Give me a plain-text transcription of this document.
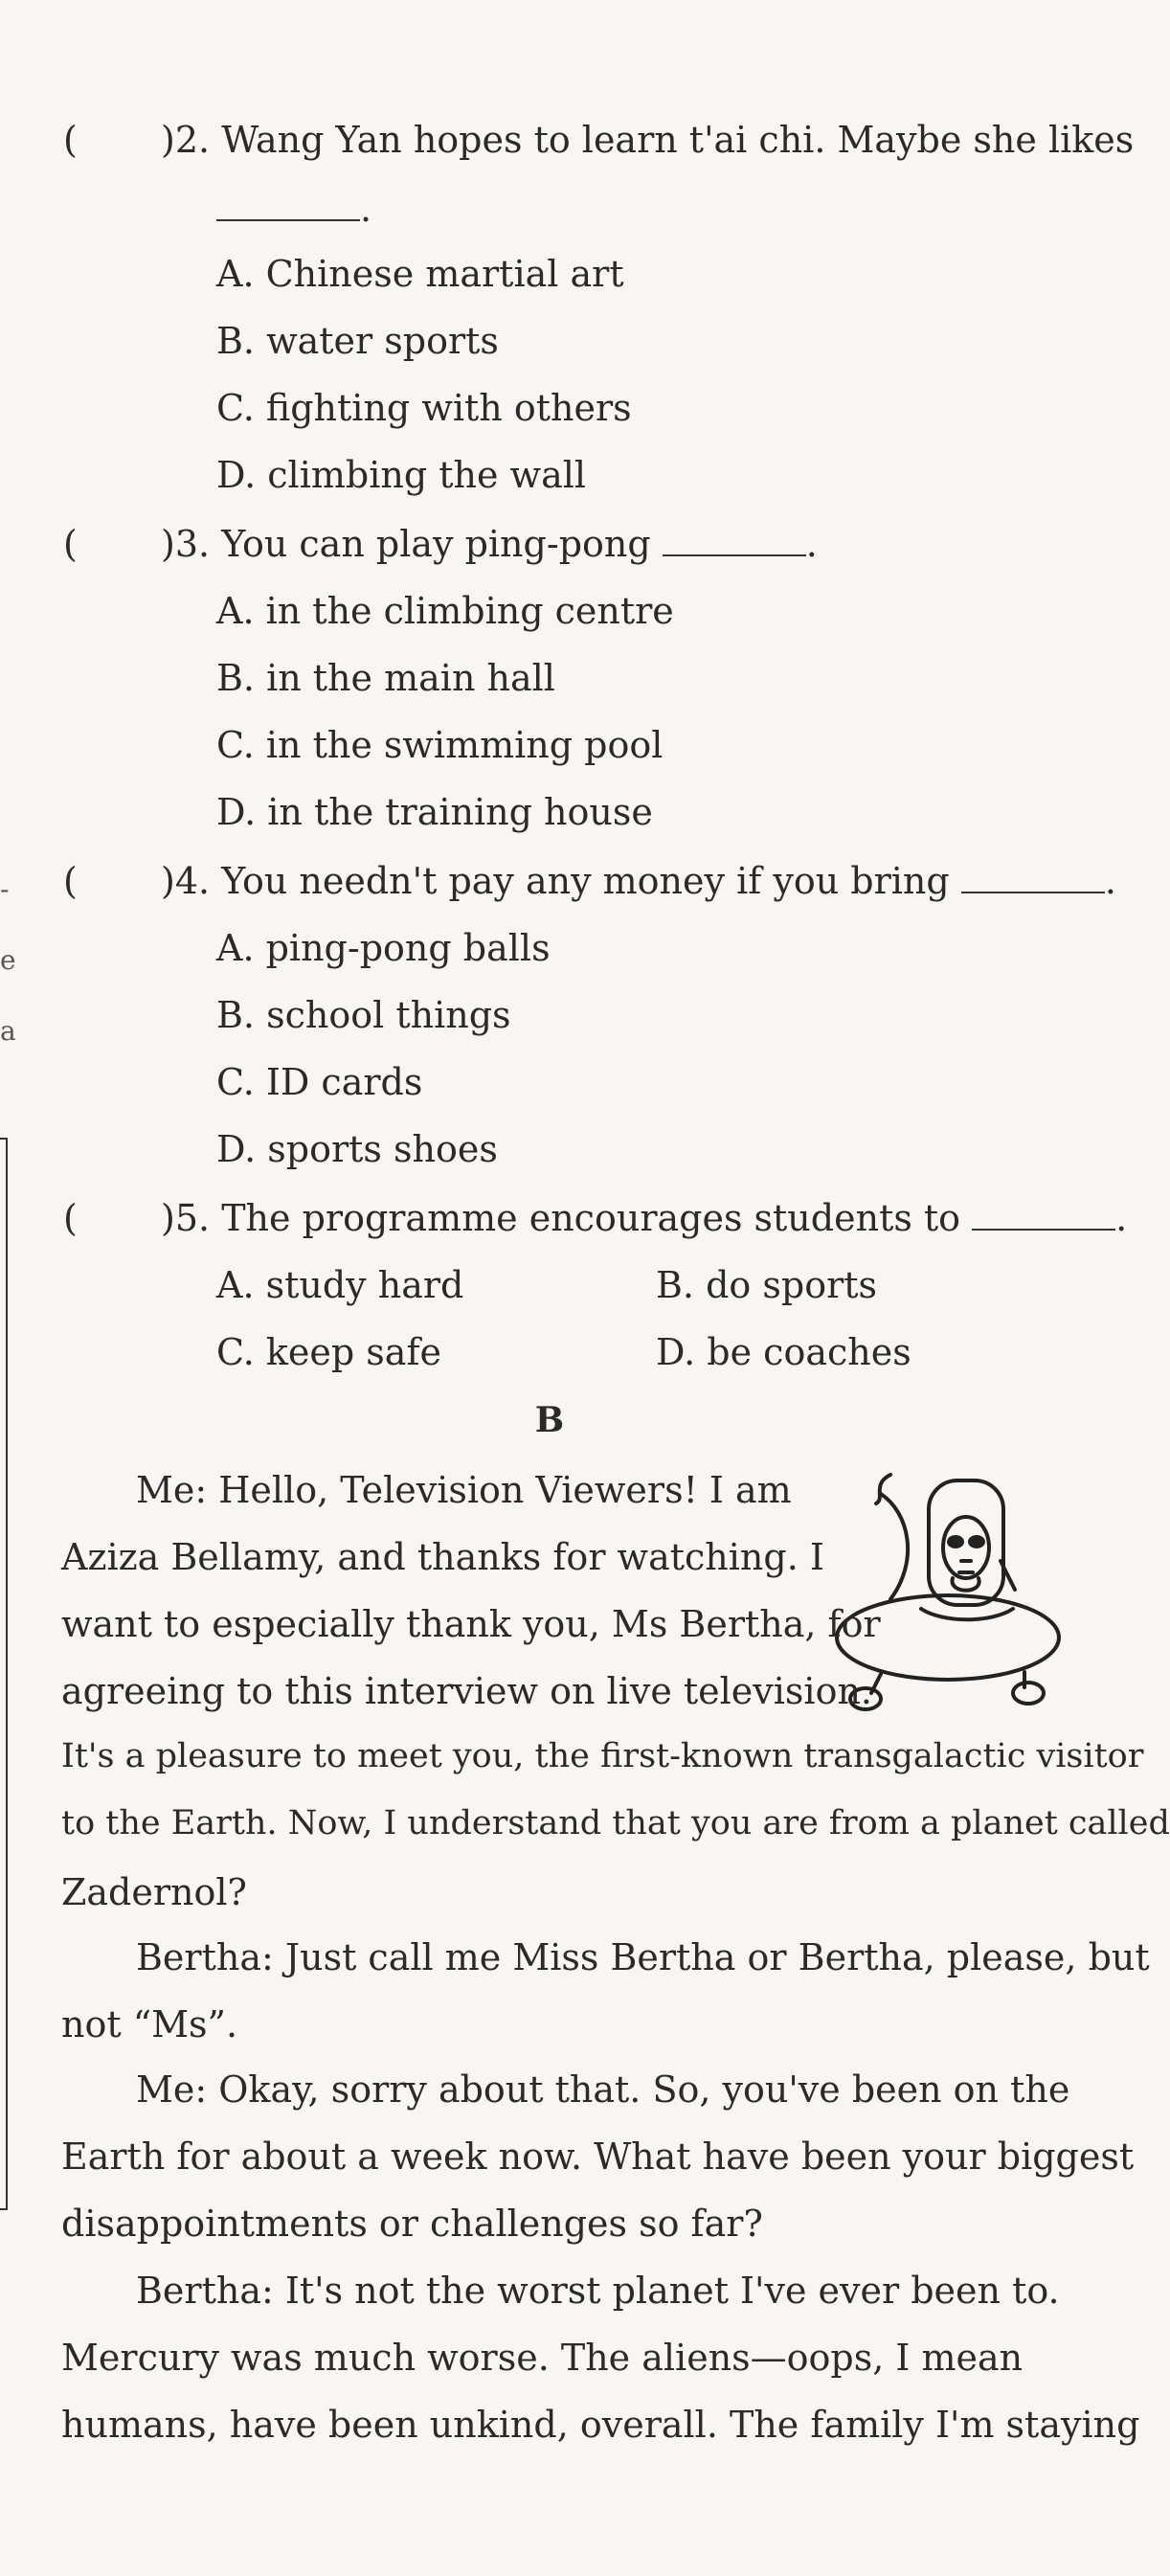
-
e
a
( )2. Wang Yan hopes to learn t'ai chi. Maybe she likes
.
A. Chinese martial art
B. water sports
C. fighting with others
D. climbing the wall
( )3. You can play ping-pong	.
A. in the climbing centre
B. in the main hall
C. in the swimming pool
D. in the training house
( )4. You needn't pay any money if you bring	.
A. ping-pong balls
B. school things
C. ID cards
D. sports shoes
( )5. The programme encourages students to	.
A. study hard	B. do sports
C. keep safe	D. be coaches
B
Me: Hello, Television Viewers! I am
Aziza Bellamy, and thanks for watching. I
want to especially thank you, Ms Bertha, for
agreeing to this interview on live television.
It's a pleasure to meet you, the first-known transgalactic visitor
to the Earth. Now, I understand that you are from a planet called
Zadernol?
Bertha: Just call me Miss Bertha or Bertha, please, but
not “Ms”.
Me: Okay, sorry about that. So, you've been on the
Earth for about a week now. What have been your biggest
disappointments or challenges so far?
Bertha: It's not the worst planet I've ever been to.
Mercury was much worse. The aliens—oops, I mean
humans, have been unkind, overall. The family I'm staying
